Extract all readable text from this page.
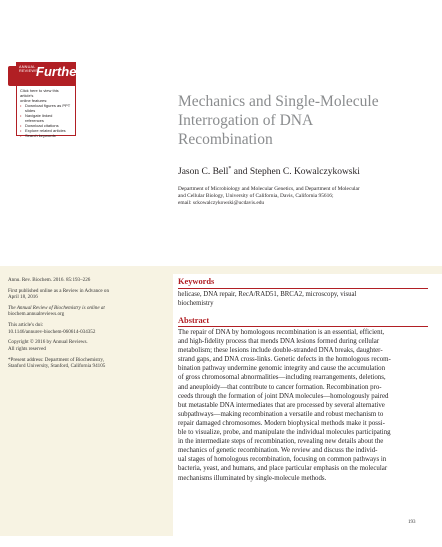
ANNUAL
REVIEWS
Further

Click here to view this article's

online features:

• Download figures as PPT slides

• Navigate linked references

• Download citations

• Explore related articles

• Search keywords

Mechanics and Single-Molecule
Interrogation of DNA
Recombination
Jason C. Bell* and Stephen C. Kowalczykowski
Department of Microbiology and Molecular Genetics, and Department of Molecular
and Cellular Biology, University of California, Davis, California 95616;
email: sckowalczykowski@ucdavis.edu

Annu. Rev. Biochem. 2016. 85:193–226

First published online as a Review in Advance on
April 18, 2016

The Annual Review of Biochemistry is online at
biochem.annualreviews.org

This article's doi:
10.1146/annurev-biochem-060614-034352

Copyright © 2016 by Annual Reviews.
All rights reserved

*Present address: Department of Biochemistry,
Stanford University, Stanford, California 94105

Keywords
helicase, DNA repair, RecA/RAD51, BRCA2, microscopy, visual
biochemistry
Abstract
The repair of DNA by homologous recombination is an essential, efficient,
and high-fidelity process that mends DNA lesions formed during cellular
metabolism; these lesions include double-stranded DNA breaks, daughter-
strand gaps, and DNA cross-links. Genetic defects in the homologous recom-
bination pathway undermine genomic integrity and cause the accumulation
of gross chromosomal abnormalities—including rearrangements, deletions,
and aneuploidy—that contribute to cancer formation. Recombination pro-
ceeds through the formation of joint DNA molecules—homologously paired
but metastable DNA intermediates that are processed by several alternative
subpathways—making recombination a versatile and robust mechanism to
repair damaged chromosomes. Modern biophysical methods make it possi-
ble to visualize, probe, and manipulate the individual molecules participating
in the intermediate steps of recombination, revealing new details about the
mechanics of genetic recombination. We review and discuss the individ-
ual stages of homologous recombination, focusing on common pathways in
bacteria, yeast, and humans, and place particular emphasis on the molecular
mechanisms illuminated by single-molecule methods.
193
